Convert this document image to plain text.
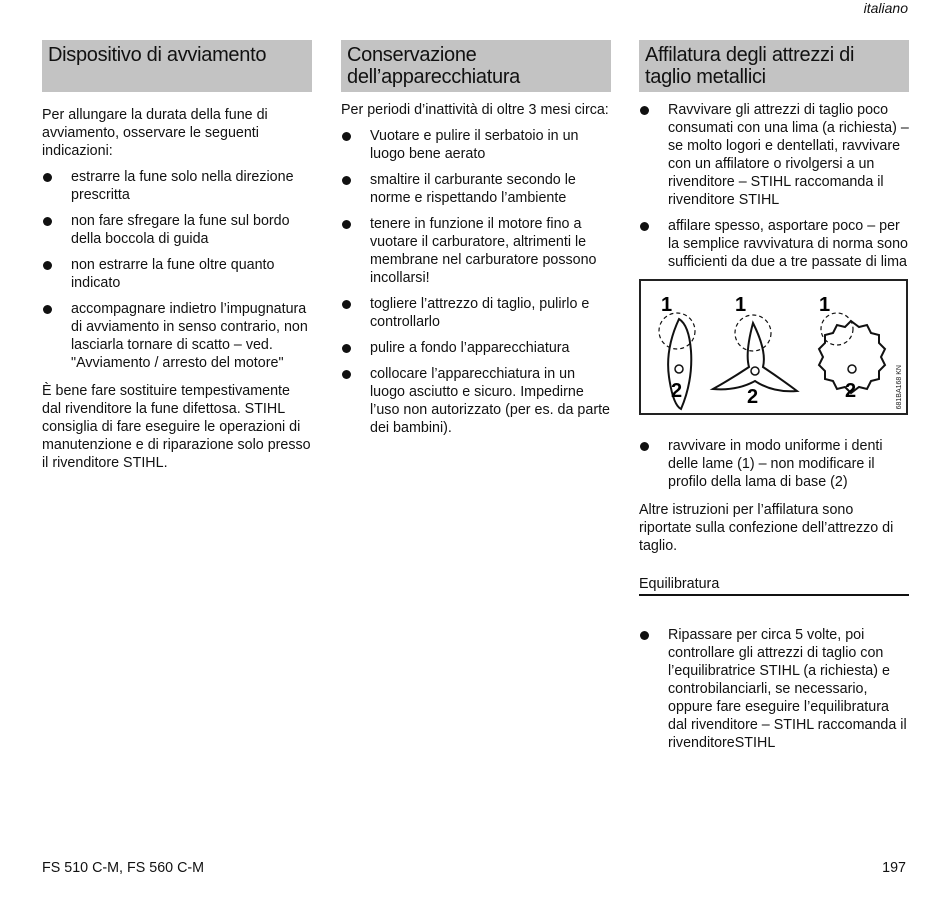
italiano
Dispositivo di avviamento

Per allungare la durata della fune di avviamento, osservare le seguenti indicazioni:

estrarre la fune solo nella direzione prescritta
non fare sfregare la fune sul bordo della boccola di guida
non estrarre la fune oltre quanto indicato
accompagnare indietro l’impugnatura di avviamento in senso contrario, non lasciarla tornare di scatto – ved. "Avviamento / arresto del motore"

È bene fare sostituire tempestivamente dal rivenditore la fune difettosa. STIHL consiglia di fare eseguire le operazioni di manutenzione e di riparazione solo presso il rivenditore STIHL.

Conservazione dell’apparecchiatura

Per periodi d’inattività di oltre 3 mesi circa:

Vuotare e pulire il serbatoio in un luogo bene aerato
smaltire il carburante secondo le norme e rispettando l’ambiente
tenere in funzione il motore fino a vuotare il carburatore, altrimenti le membrane nel carburatore possono incollarsi!
togliere l’attrezzo di taglio, pulirlo e controllarlo
pulire a fondo l’apparecchiatura
collocare l’apparecchiatura in un luogo asciutto e sicuro. Impedirne l’uso non autorizzato (per es. da parte dei bambini).
Affilatura degli attrezzi di taglio metallici
Ravvivare gli attrezzi di taglio poco consumati con una lima (a richiesta) – se molto logori e dentellati, ravvivare con un affilatore o rivolgersi a un rivenditore – STIHL raccomanda il rivenditore STIHL
affilare spesso, asportare poco – per la semplice ravvivatura di norma sono sufficienti da due a tre passate di lima
1	1	1
2	2	2	681BA168 KN
ravvivare in modo uniforme i denti delle lame (1) – non modificare il profilo della lama di base (2)

Altre istruzioni per l’affilatura sono riportate sulla confezione dell’attrezzo di taglio.

Equilibratura
Ripassare per circa 5 volte, poi controllare gli attrezzi di taglio con l’equilibratrice STIHL (a richiesta) e controbilanciarli, se necessario, oppure fare eseguire l’equilibratura dal rivenditore – STIHL raccomanda il rivenditoreSTIHL
FS 510 C-M, FS 560 C-M	197
